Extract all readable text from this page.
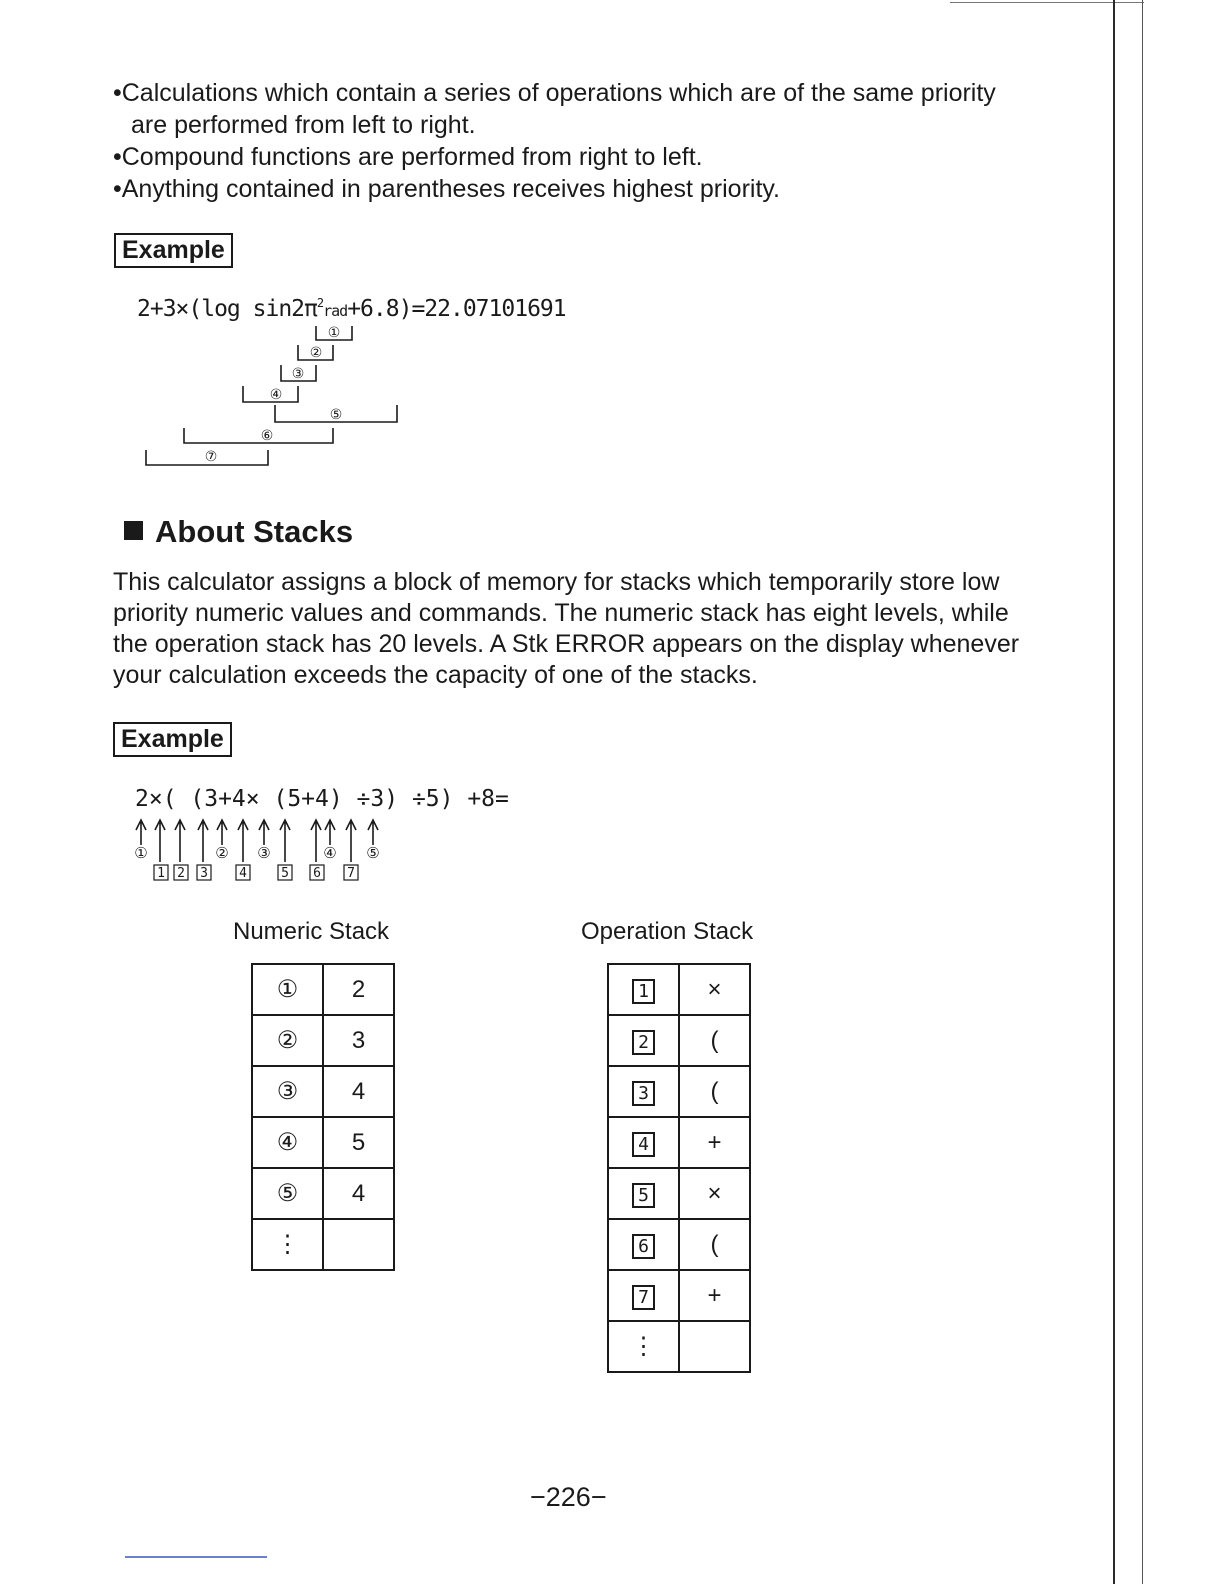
•Calculations which contain a series of operations which are of the same priority
are performed from left to right.
•Compound functions are performed from right to left.
•Anything contained in parentheses receives highest priority.
Example
2+3×(log $\sin 2\pi^2rad+6.8)=22.07101691$
①
②
③
④
⑤
⑥
⑦
About Stacks
This calculator assigns a block of memory for stacks which temporarily store low
priority numeric values and commands. The numeric stack has eight levels, while
the operation stack has 20 levels. A Stk ERROR appears on the display whenever
your calculation exceeds the capacity of one of the stacks.
Example
2×( (3+4× (5+4) ÷3) ÷5) +8=
①	② ③	④ ⑤
1 2 3 4	5 6 7
Numeric Stack
①	2
②	3
③	4
④	5
⑤	4
⋮	
Operation Stack
1	×
2	(
3	(
4	+
5	×
6	(
7	+
⋮	
−226−
